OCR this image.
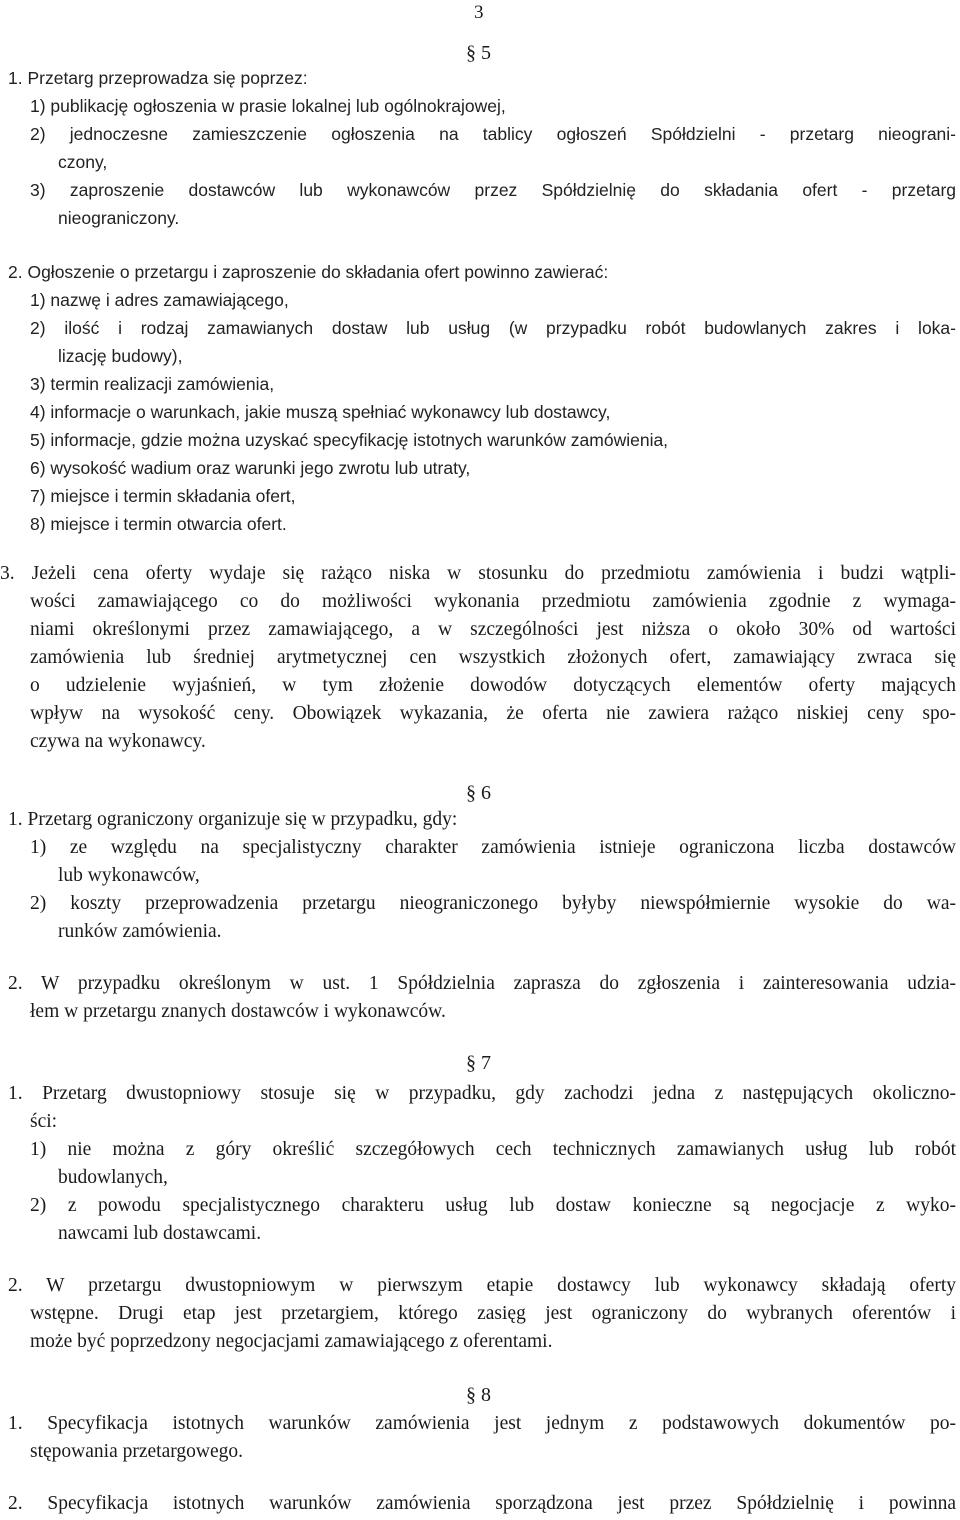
3
§ 5
1. Przetarg przeprowadza się poprzez:
1) publikację ogłoszenia w prasie lokalnej lub ogólnokrajowej,
2) jednoczesne zamieszczenie ogłoszenia na tablicy ogłoszeń Spółdzielni - przetarg nieograni-
czony,
3) zaproszenie dostawców lub wykonawców przez Spółdzielnię do składania ofert - przetarg
nieograniczony.
2. Ogłoszenie o przetargu i zaproszenie do składania ofert powinno zawierać:
1) nazwę i adres zamawiającego,
2) ilość i rodzaj zamawianych dostaw lub usług (w przypadku robót budowlanych zakres i loka-
lizację budowy),
3) termin realizacji zamówienia,
4) informacje o warunkach, jakie muszą spełniać wykonawcy lub dostawcy,
5) informacje, gdzie można uzyskać specyfikację istotnych warunków zamówienia,
6) wysokość wadium oraz warunki jego zwrotu lub utraty,
7) miejsce i termin składania ofert,
8) miejsce i termin otwarcia ofert.
3. Jeżeli cena oferty wydaje się rażąco niska w stosunku do przedmiotu zamówienia i budzi wątpli-
wości zamawiającego co do możliwości wykonania przedmiotu zamówienia zgodnie z wymaga-
niami określonymi przez zamawiającego, a w szczególności jest niższa o około 30% od wartości
zamówienia lub średniej arytmetycznej cen wszystkich złożonych ofert, zamawiający zwraca się
o udzielenie wyjaśnień, w tym złożenie dowodów dotyczących elementów oferty mających
wpływ na wysokość ceny. Obowiązek wykazania, że oferta nie zawiera rażąco niskiej ceny spo-
czywa na wykonawcy.
§ 6
1. Przetarg ograniczony organizuje się w przypadku, gdy:
1) ze względu na specjalistyczny charakter zamówienia istnieje ograniczona liczba dostawców
lub wykonawców,
2) koszty przeprowadzenia przetargu nieograniczonego byłyby niewspółmiernie wysokie do wa-
runków zamówienia.
2. W przypadku określonym w ust. 1 Spółdzielnia zaprasza do zgłoszenia i zainteresowania udzia-
łem w przetargu znanych dostawców i wykonawców.
§ 7
1. Przetarg dwustopniowy stosuje się w przypadku, gdy zachodzi jedna z następujących okoliczno-
ści:
1) nie można z góry określić szczegółowych cech technicznych zamawianych usług lub robót
budowlanych,
2) z powodu specjalistycznego charakteru usług lub dostaw konieczne są negocjacje z wyko-
nawcami lub dostawcami.
2. W przetargu dwustopniowym w pierwszym etapie dostawcy lub wykonawcy składają oferty
wstępne. Drugi etap jest przetargiem, którego zasięg jest ograniczony do wybranych oferentów i
może być poprzedzony negocjacjami zamawiającego z oferentami.
§ 8
1. Specyfikacja istotnych warunków zamówienia jest jednym z podstawowych dokumentów po-
stępowania przetargowego.
2. Specyfikacja istotnych warunków zamówienia sporządzona jest przez Spółdzielnię i powinna
